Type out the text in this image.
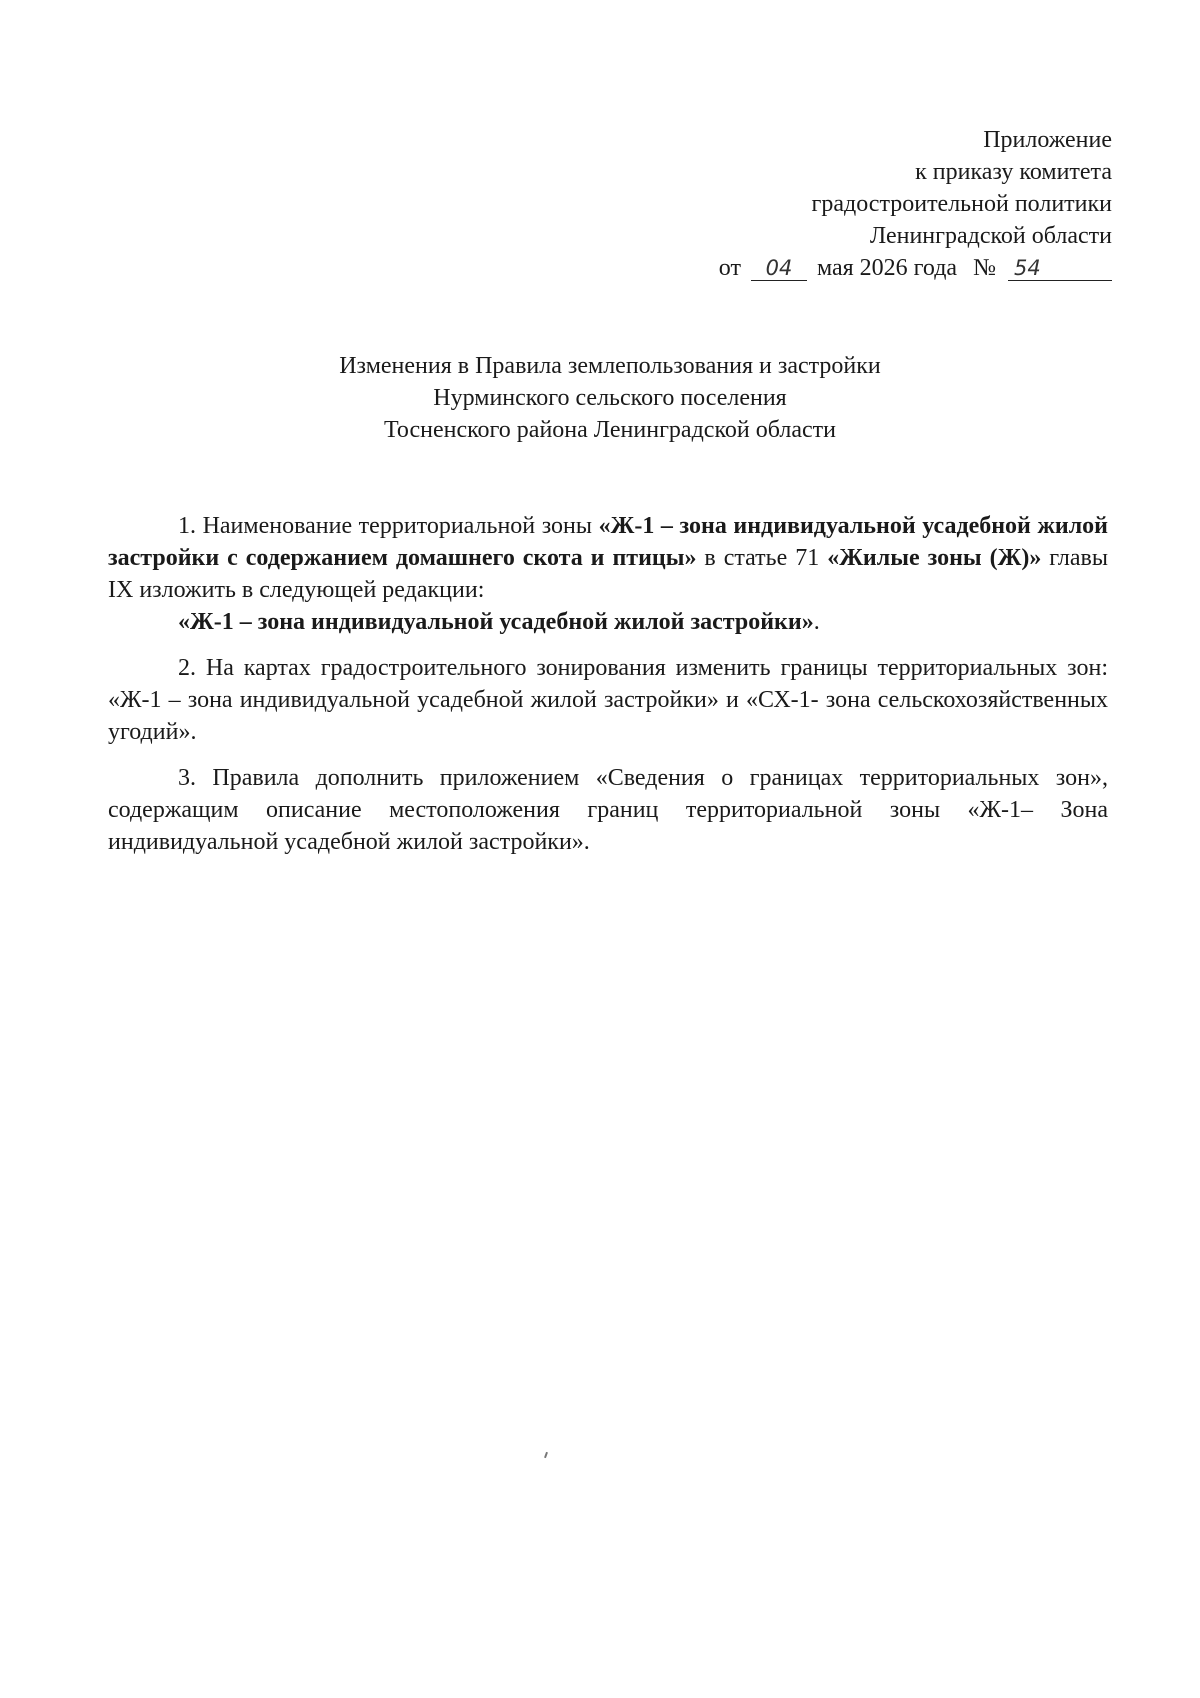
Приложение
к приказу комитета
градостроительной политики
Ленинградской области
от 04 мая 2026 года № 54
Изменения в Правила землепользования и застройки
Нурминского сельского поселения
Тосненского района Ленинградской области

1. Наименование территориальной зоны «Ж-1 – зона индивидуальной усадебной жилой застройки с содержанием домашнего скота и птицы» в статье 71 «Жилые зоны (Ж)» главы IX изложить в следующей редакции:

«Ж-1 – зона индивидуальной усадебной жилой застройки».

2. На картах градостроительного зонирования изменить границы территориальных зон: «Ж-1 – зона индивидуальной усадебной жилой застройки» и «СХ-1- зона сельскохозяйственных угодий».

3. Правила дополнить приложением «Сведения о границах территориальных зон», содержащим описание местоположения границ территориальной зоны «Ж-1– Зона индивидуальной усадебной жилой застройки».
